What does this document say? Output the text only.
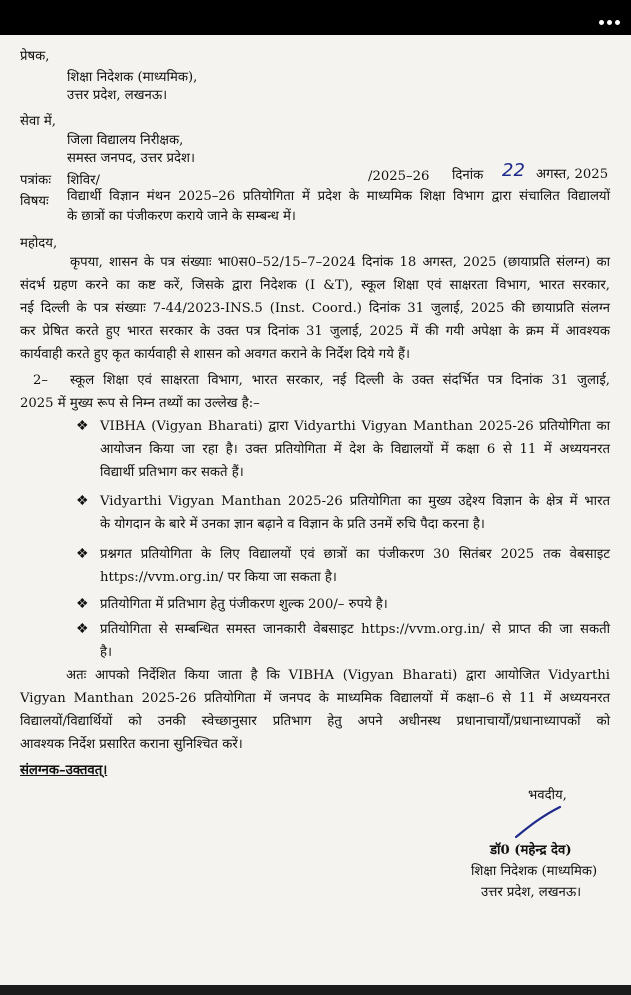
प्रेषक,
शिक्षा निदेशक (माध्यमिक),
उत्तर प्रदेश, लखनऊ।
सेवा में,
जिला विद्यालय निरीक्षक,
समस्त जनपद, उत्तर प्रदेश।
पत्रांकः शिविर/	/2025–26 दिनांक 22 अगस्त, 2025
विषयः विद्यार्थी विज्ञान मंथन 2025–26 प्रतियोगिता में प्रदेश के माध्यमिक शिक्षा विभाग द्वारा संचालित विद्यालयों
के छात्रों का पंजीकरण कराये जाने के सम्बन्ध में।
महोदय,
कृपया, शासन के पत्र संख्याः भा0स0–52/15–7–2024 दिनांक 18 अगस्त, 2025 (छायाप्रति संलग्न) का
संदर्भ ग्रहण करने का कष्ट करें, जिसके द्वारा निदेशक (I &T), स्कूल शिक्षा एवं साक्षरता विभाग, भारत सरकार,
नई दिल्ली के पत्र संख्याः 7-44/2023-INS.5 (Inst. Coord.) दिनांक 31 जुलाई, 2025 की छायाप्रति संलग्न
कर प्रेषित करते हुए भारत सरकार के उक्त पत्र दिनांक 31 जुलाई, 2025 में की गयी अपेक्षा के क्रम में आवश्यक
कार्यवाही करते हुए कृत कार्यवाही से शासन को अवगत कराने के निर्देश दिये गये हैं।
2– स्कूल शिक्षा एवं साक्षरता विभाग, भारत सरकार, नई दिल्ली के उक्त संदर्भित पत्र दिनांक 31 जुलाई,
2025 में मुख्य रूप से निम्न तथ्यों का उल्लेख है:–
❖ VIBHA (Vigyan Bharati) द्वारा Vidyarthi Vigyan Manthan 2025-26 प्रतियोगिता का
आयोजन किया जा रहा है। उक्त प्रतियोगिता में देश के विद्यालयों में कक्षा 6 से 11 में अध्ययनरत
विद्यार्थी प्रतिभाग कर सकते हैं।
❖ Vidyarthi Vigyan Manthan 2025-26 प्रतियोगिता का मुख्य उद्देश्य विज्ञान के क्षेत्र में भारत
के योगदान के बारे में उनका ज्ञान बढ़ाने व विज्ञान के प्रति उनमें रुचि पैदा करना है।
❖ प्रश्नगत प्रतियोगिता के लिए विद्यालयों एवं छात्रों का पंजीकरण 30 सितंबर 2025 तक वेबसाइट
https://vvm.org.in/ पर किया जा सकता है।
❖ प्रतियोगिता में प्रतिभाग हेतु पंजीकरण शुल्क 200/– रुपये है।
❖ प्रतियोगिता से सम्बन्धित समस्त जानकारी वेबसाइट https://vvm.org.in/ से प्राप्त की जा सकती
है।
अतः आपको निर्देशित किया जाता है कि VIBHA (Vigyan Bharati) द्वारा आयोजित Vidyarthi
Vigyan Manthan 2025-26 प्रतियोगिता में जनपद के माध्यमिक विद्यालयों में कक्षा–6 से 11 में अध्ययनरत
विद्यालयों/विद्यार्थियों को उनकी स्वेच्छानुसार प्रतिभाग हेतु अपने अधीनस्थ प्रधानाचार्यों/प्रधानाध्यापकों को
आवश्यक निर्देश प्रसारित कराना सुनिश्चित करें।
संलग्नक–उक्तवत्।
भवदीय,
डॉ0 (महेन्द्र देव)
शिक्षा निदेशक (माध्यमिक)
उत्तर प्रदेश, लखनऊ।
